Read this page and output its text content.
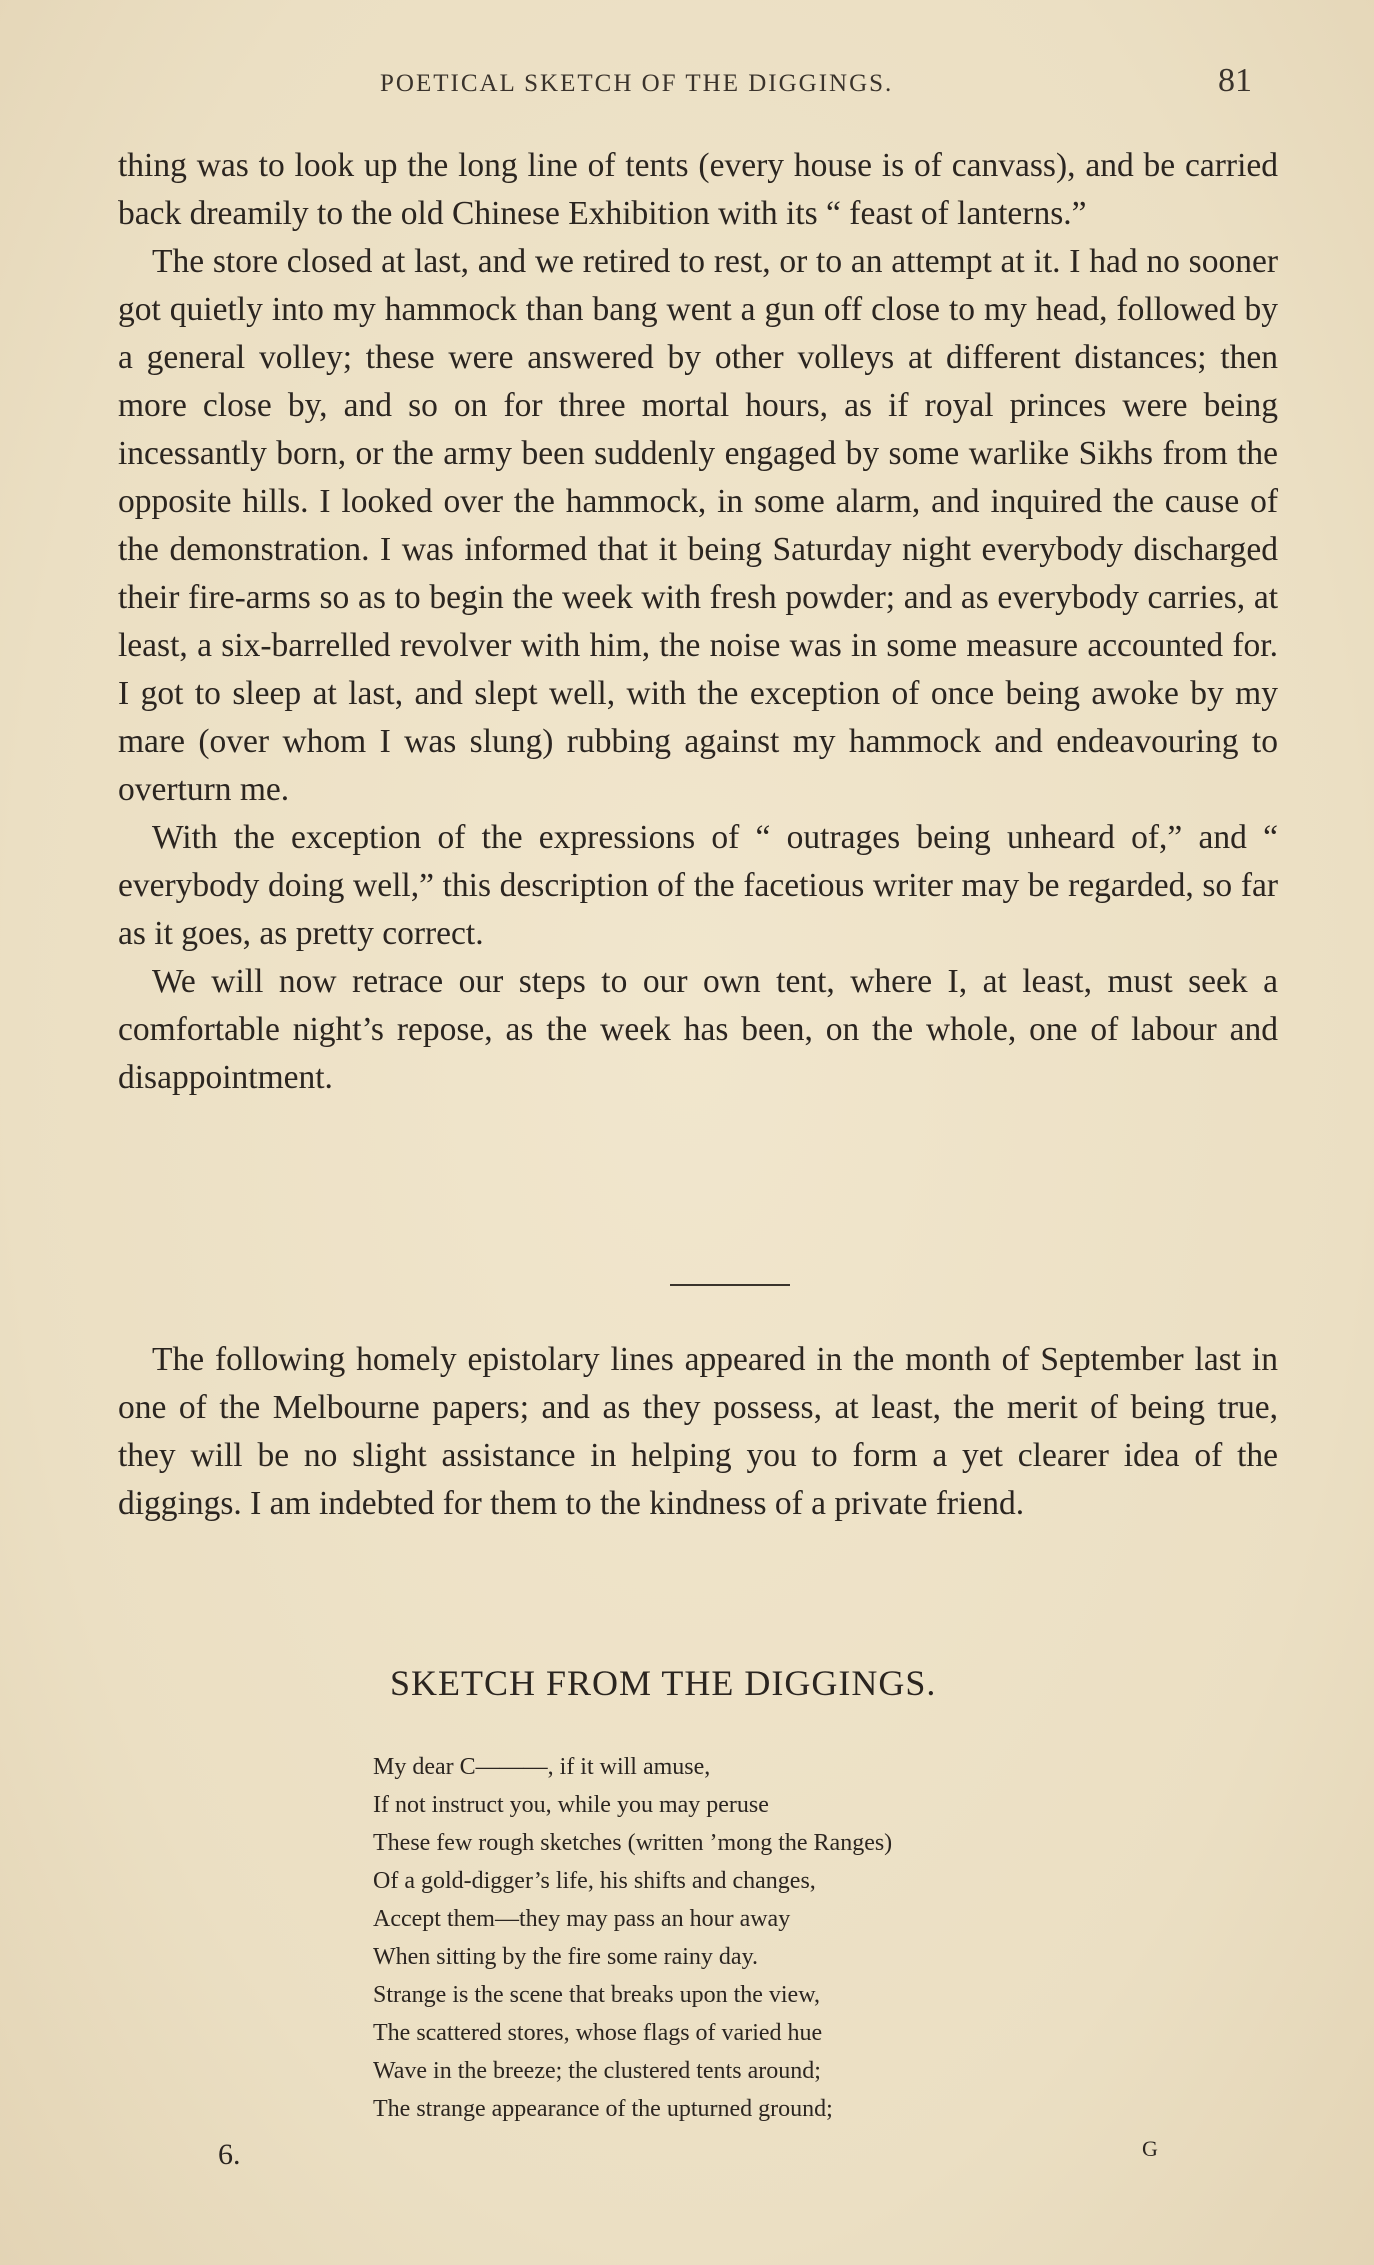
POETICAL SKETCH OF THE DIGGINGS.	81

thing was to look up the long line of tents (every house is of canvass), and be carried back dreamily to the old Chinese Exhibition with its “ feast of lanterns.”

The store closed at last, and we retired to rest, or to an attempt at it. I had no sooner got quietly into my hammock than bang went a gun off close to my head, followed by a general volley; these were answered by other volleys at different distances; then more close by, and so on for three mortal hours, as if royal princes were being incessantly born, or the army been suddenly engaged by some warlike Sikhs from the opposite hills. I looked over the hammock, in some alarm, and inquired the cause of the demonstration. I was informed that it being Saturday night everybody discharged their fire-arms so as to begin the week with fresh powder; and as everybody carries, at least, a six-barrelled revolver with him, the noise was in some measure accounted for. I got to sleep at last, and slept well, with the exception of once being awoke by my mare (over whom I was slung) rubbing against my hammock and endeavouring to overturn me.

With the exception of the expressions of “ outrages being unheard of,” and “ everybody doing well,” this description of the facetious writer may be regarded, so far as it goes, as pretty correct.

We will now retrace our steps to our own tent, where I, at least, must seek a comfortable night’s repose, as the week has been, on the whole, one of labour and disappointment.

The following homely epistolary lines appeared in the month of September last in one of the Melbourne papers; and as they possess, at least, the merit of being true, they will be no slight assistance in helping you to form a yet clearer idea of the diggings. I am indebted for them to the kindness of a private friend.

SKETCH FROM THE DIGGINGS.
My dear C———, if it will amuse,
If not instruct you, while you may peruse
These few rough sketches (written ’mong the Ranges)
Of a gold-digger’s life, his shifts and changes,
Accept them—they may pass an hour away
When sitting by the fire some rainy day.
Strange is the scene that breaks upon the view,
The scattered stores, whose flags of varied hue
Wave in the breeze; the clustered tents around;
The strange appearance of the upturned ground;
6.	G
